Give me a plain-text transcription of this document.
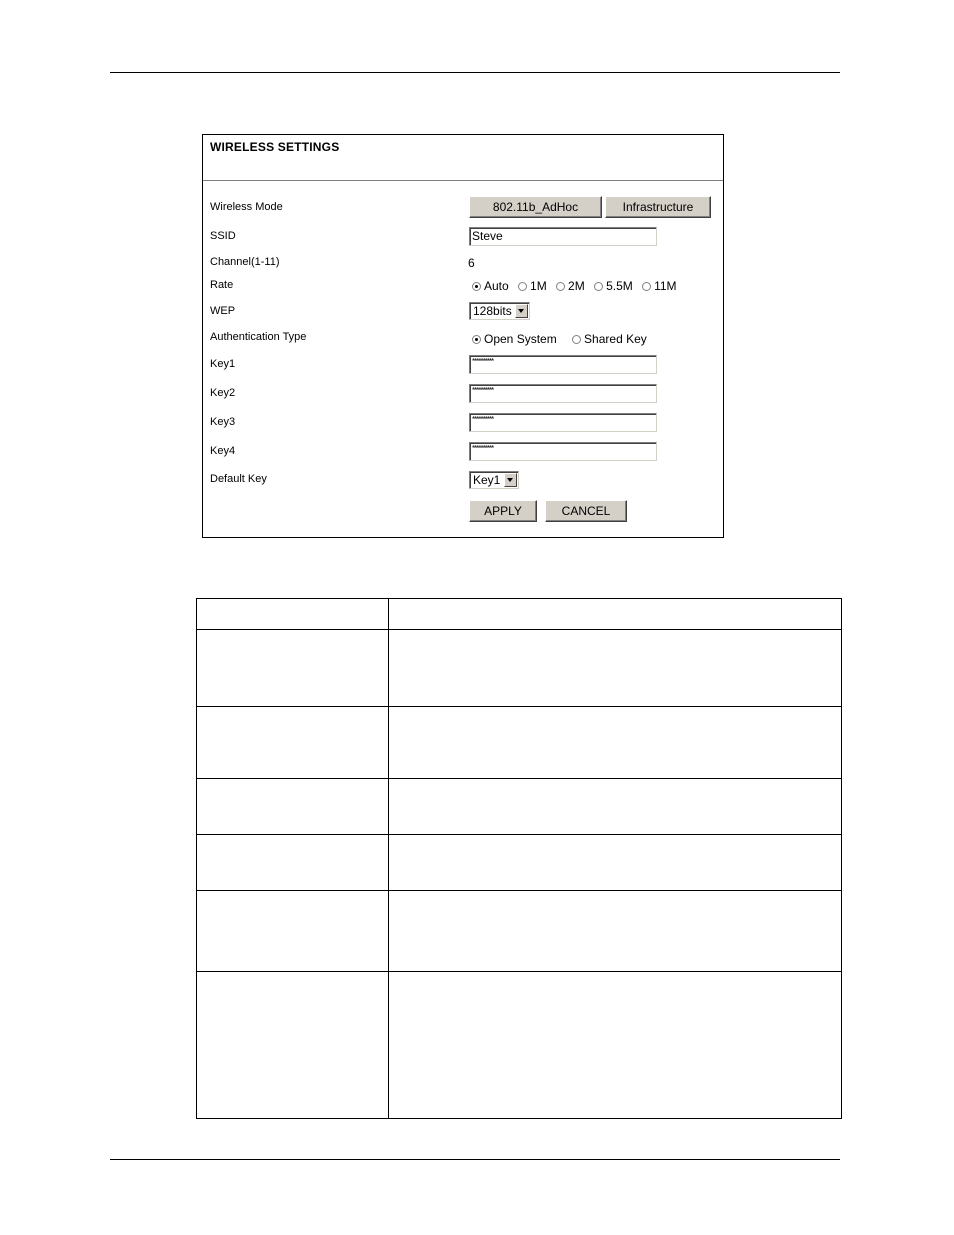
WIRELESS SETTINGS
Wireless Mode	802.11b_AdHoc	Infrastructure
SSID	Steve
Channel(1-11)	6
Rate	Auto 1M 2M 5.5M 11M
WEP	128bits
Authentication Type	Open System Shared Key
Key1	**********
Key2	**********
Key3	**********
Key4	**********
Default Key	Key1
APPLY	CANCEL
